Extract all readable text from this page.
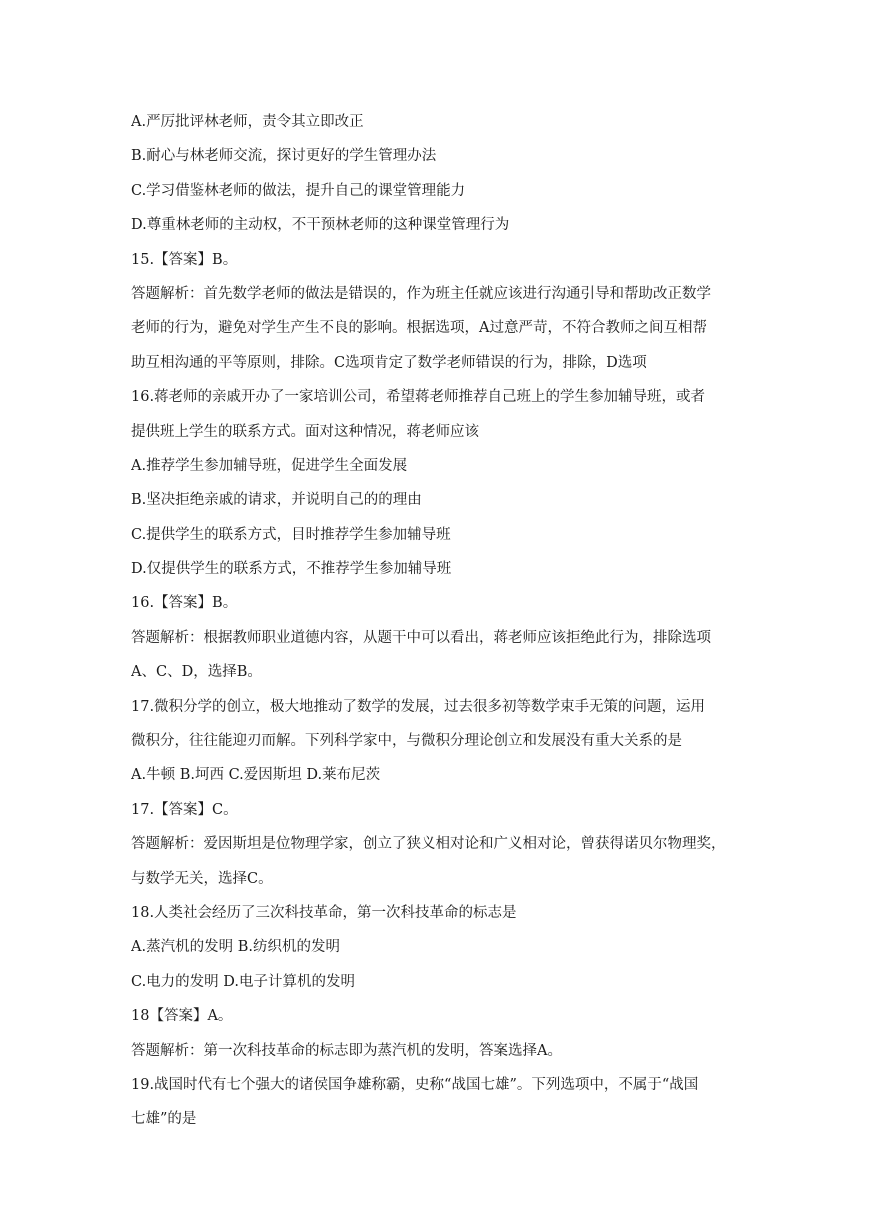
A.严厉批评林老师，责令其立即改正
B.耐心与林老师交流，探讨更好的学生管理办法
C.学习借鉴林老师的做法，提升自己的课堂管理能力
D.尊重林老师的主动权，不干预林老师的这种课堂管理行为
15.【答案】B。
答题解析：首先数学老师的做法是错误的，作为班主任就应该进行沟通引导和帮助改正数学
老师的行为，避免对学生产生不良的影响。根据选项，A过意严苛，不符合教师之间互相帮
助互相沟通的平等原则，排除。C选项肯定了数学老师错误的行为，排除，D选项
16.蒋老师的亲戚开办了一家培训公司，希望蒋老师推荐自己班上的学生参加辅导班，或者
提供班上学生的联系方式。面对这种情况，蒋老师应该
A.推荐学生参加辅导班，促进学生全面发展
B.坚决拒绝亲戚的请求，并说明自己的的理由
C.提供学生的联系方式，目时推荐学生参加辅导班
D.仅提供学生的联系方式，不推荐学生参加辅导班
16.【答案】B。
答题解析：根据教师职业道德内容，从题干中可以看出，蒋老师应该拒绝此行为，排除选项
A、C、D，选择B。
17.微积分学的创立，极大地推动了数学的发展，过去很多初等数学束手无策的问题，运用
微积分，往往能迎刃而解。下列科学家中，与微积分理论创立和发展没有重大关系的是
A.牛顿 B.坷西 C.爱因斯坦 D.莱布尼茨
17.【答案】C。
答题解析：爱因斯坦是位物理学家，创立了狭义相对论和广义相对论，曾获得诺贝尔物理奖，
与数学无关，选择C。
18.人类社会经历了三次科技革命，第一次科技革命的标志是
A.蒸汽机的发明 B.纺织机的发明
C.电力的发明 D.电子计算机的发明
18【答案】A。
答题解析：第一次科技革命的标志即为蒸汽机的发明，答案选择A。
19.战国时代有七个强大的诸侯国争雄称霸，史称“战国七雄”。下列选项中，不属于“战国
七雄”的是
